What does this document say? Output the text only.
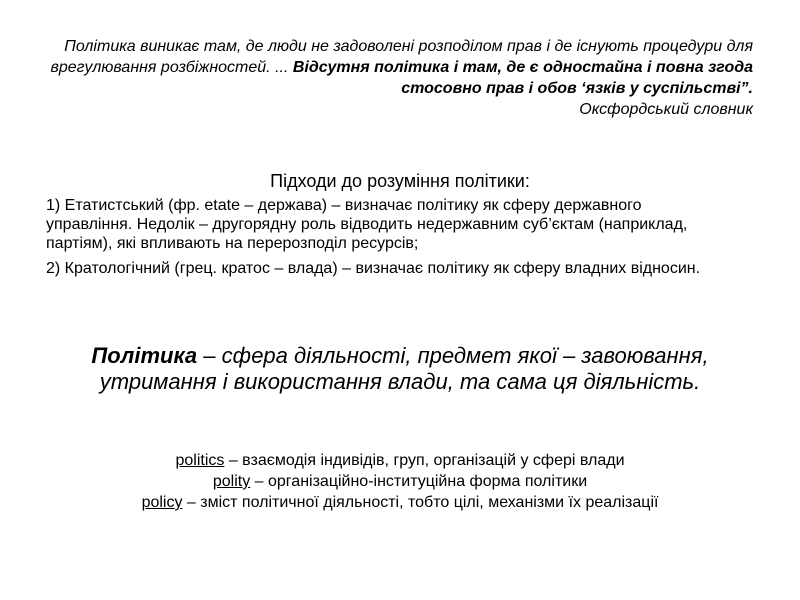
Політика виникає там, де люди не задоволені розподілом прав і де існують процедури для врегулювання розбіжностей. ... Відсутня політика і там, де є одностайна і повна згода стосовно прав і обов ‘язків у суспільстві”.
Оксфордський словник
Підходи до розуміння політики:
1) Етатистський (фр. etate – держава) – визначає політику як сферу державного управління. Недолік – другорядну роль відводить недержавним суб’єктам (наприклад, партіям), які впливають на перерозподіл ресурсів;
2) Кратологічний (грец. кратос – влада) – визначає політику як сферу владних відносин.
Політика – сфера діяльності, предмет якої – завоювання, утримання і використання влади, та сама ця діяльність.
politics – взаємодія індивідів, груп, організацій у сфері влади
polity – організаційно-інституційна форма політики
policy – зміст політичної діяльності, тобто цілі, механізми їх реалізації
